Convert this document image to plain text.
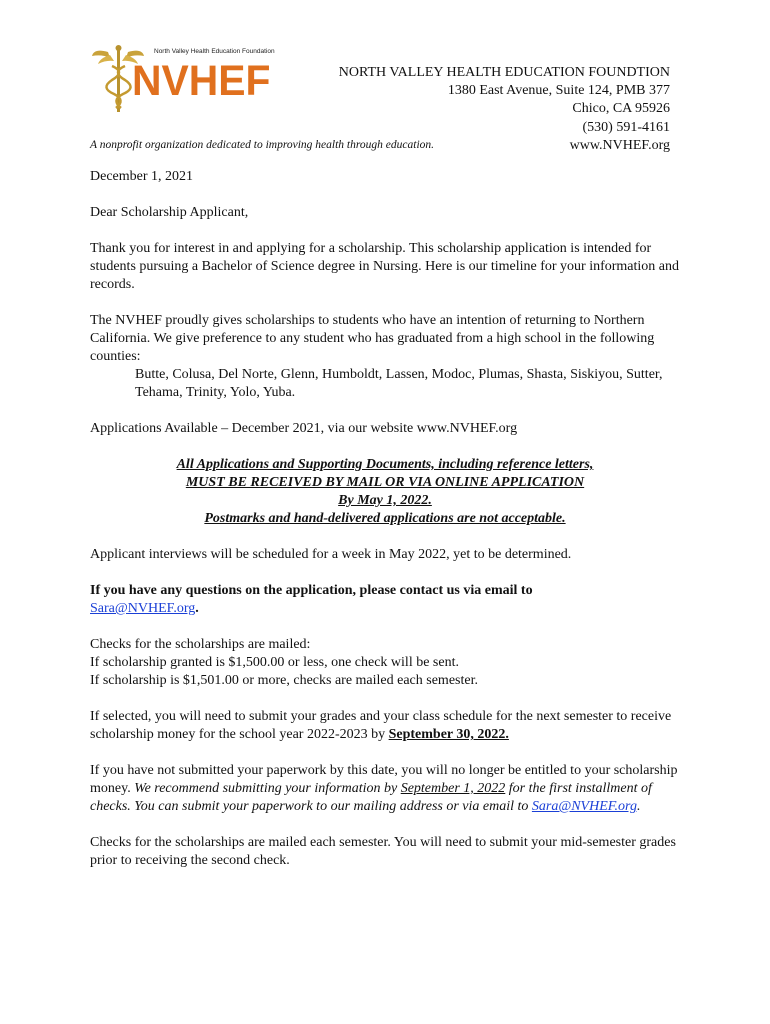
North Valley Health Education Foundation
NVHEF
A nonprofit organization dedicated to improving health through education.
NORTH VALLEY HEALTH EDUCATION FOUNDTION
1380 East Avenue, Suite 124, PMB 377
Chico, CA 95926
(530) 591-4161
www.NVHEF.org

December 1, 2021

Dear Scholarship Applicant,

Thank you for interest in and applying for a scholarship. This scholarship application is intended for students pursuing a Bachelor of Science degree in Nursing. Here is our timeline for your information and records.

The NVHEF proudly gives scholarships to students who have an intention of returning to Northern California. We give preference to any student who has graduated from a high school in the following counties:

Butte, Colusa, Del Norte, Glenn, Humboldt, Lassen, Modoc, Plumas, Shasta, Siskiyou, Sutter, Tehama, Trinity, Yolo, Yuba.

Applications Available – December 2021, via our website www.NVHEF.org

All Applications and Supporting Documents, including reference letters,

MUST BE RECEIVED BY MAIL OR VIA ONLINE APPLICATION

By May 1, 2022.

Postmarks and hand-delivered applications are not acceptable.

Applicant interviews will be scheduled for a week in May 2022, yet to be determined.

If you have any questions on the application, please contact us via email to
Sara@NVHEF.org.

Checks for the scholarships are mailed:

If scholarship granted is $1,500.00 or less, one check will be sent.

If scholarship is $1,501.00 or more, checks are mailed each semester.

If selected, you will need to submit your grades and your class schedule for the next semester to receive scholarship money for the school year 2022-2023 by September 30, 2022.

If you have not submitted your paperwork by this date, you will no longer be entitled to your scholarship money. We recommend submitting your information by September 1, 2022 for the first installment of checks. You can submit your paperwork to our mailing address or via email to Sara@NVHEF.org.

Checks for the scholarships are mailed each semester. You will need to submit your mid-semester grades prior to receiving the second check.
